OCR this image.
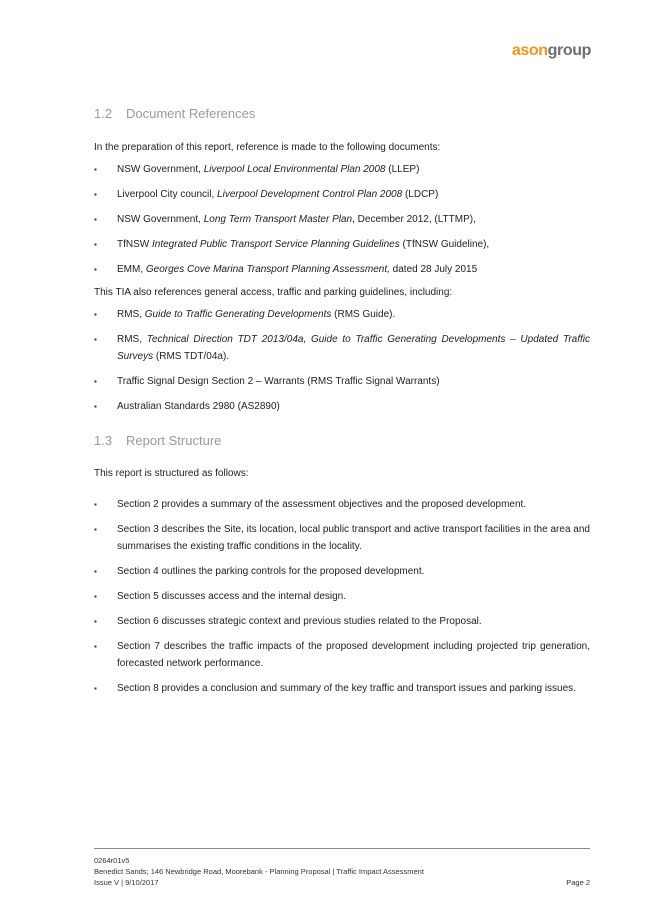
asongroup
1.2 Document References

In the preparation of this report, reference is made to the following documents:

▪ NSW Government, Liverpool Local Environmental Plan 2008 (LLEP)
▪ Liverpool City council, Liverpool Development Control Plan 2008 (LDCP)
▪ NSW Government, Long Term Transport Master Plan, December 2012, (LTTMP),
▪ TfNSW Integrated Public Transport Service Planning Guidelines (TfNSW Guideline),
▪ EMM, Georges Cove Marina Transport Planning Assessment, dated 28 July 2015

This TIA also references general access, traffic and parking guidelines, including:

▪ RMS, Guide to Traffic Generating Developments (RMS Guide).
▪ RMS, Technical Direction TDT 2013/04a, Guide to Traffic Generating Developments – Updated Traffic Surveys (RMS TDT/04a).
▪ Traffic Signal Design Section 2 – Warrants (RMS Traffic Signal Warrants)
▪ Australian Standards 2980 (AS2890)
1.3 Report Structure

This report is structured as follows:

▪ Section 2 provides a summary of the assessment objectives and the proposed development.
▪ Section 3 describes the Site, its location, local public transport and active transport facilities in the area and summarises the existing traffic conditions in the locality.
▪ Section 4 outlines the parking controls for the proposed development.
▪ Section 5 discusses access and the internal design.
▪ Section 6 discusses strategic context and previous studies related to the Proposal.
▪ Section 7 describes the traffic impacts of the proposed development including projected trip generation, forecasted network performance.
▪ Section 8 provides a conclusion and summary of the key traffic and transport issues and parking issues.
0264r01v5
Benedict Sands; 146 Newbridge Road, Moorebank - Planning Proposal | Traffic Impact Assessment
Issue V | 9/10/2017	Page 2
